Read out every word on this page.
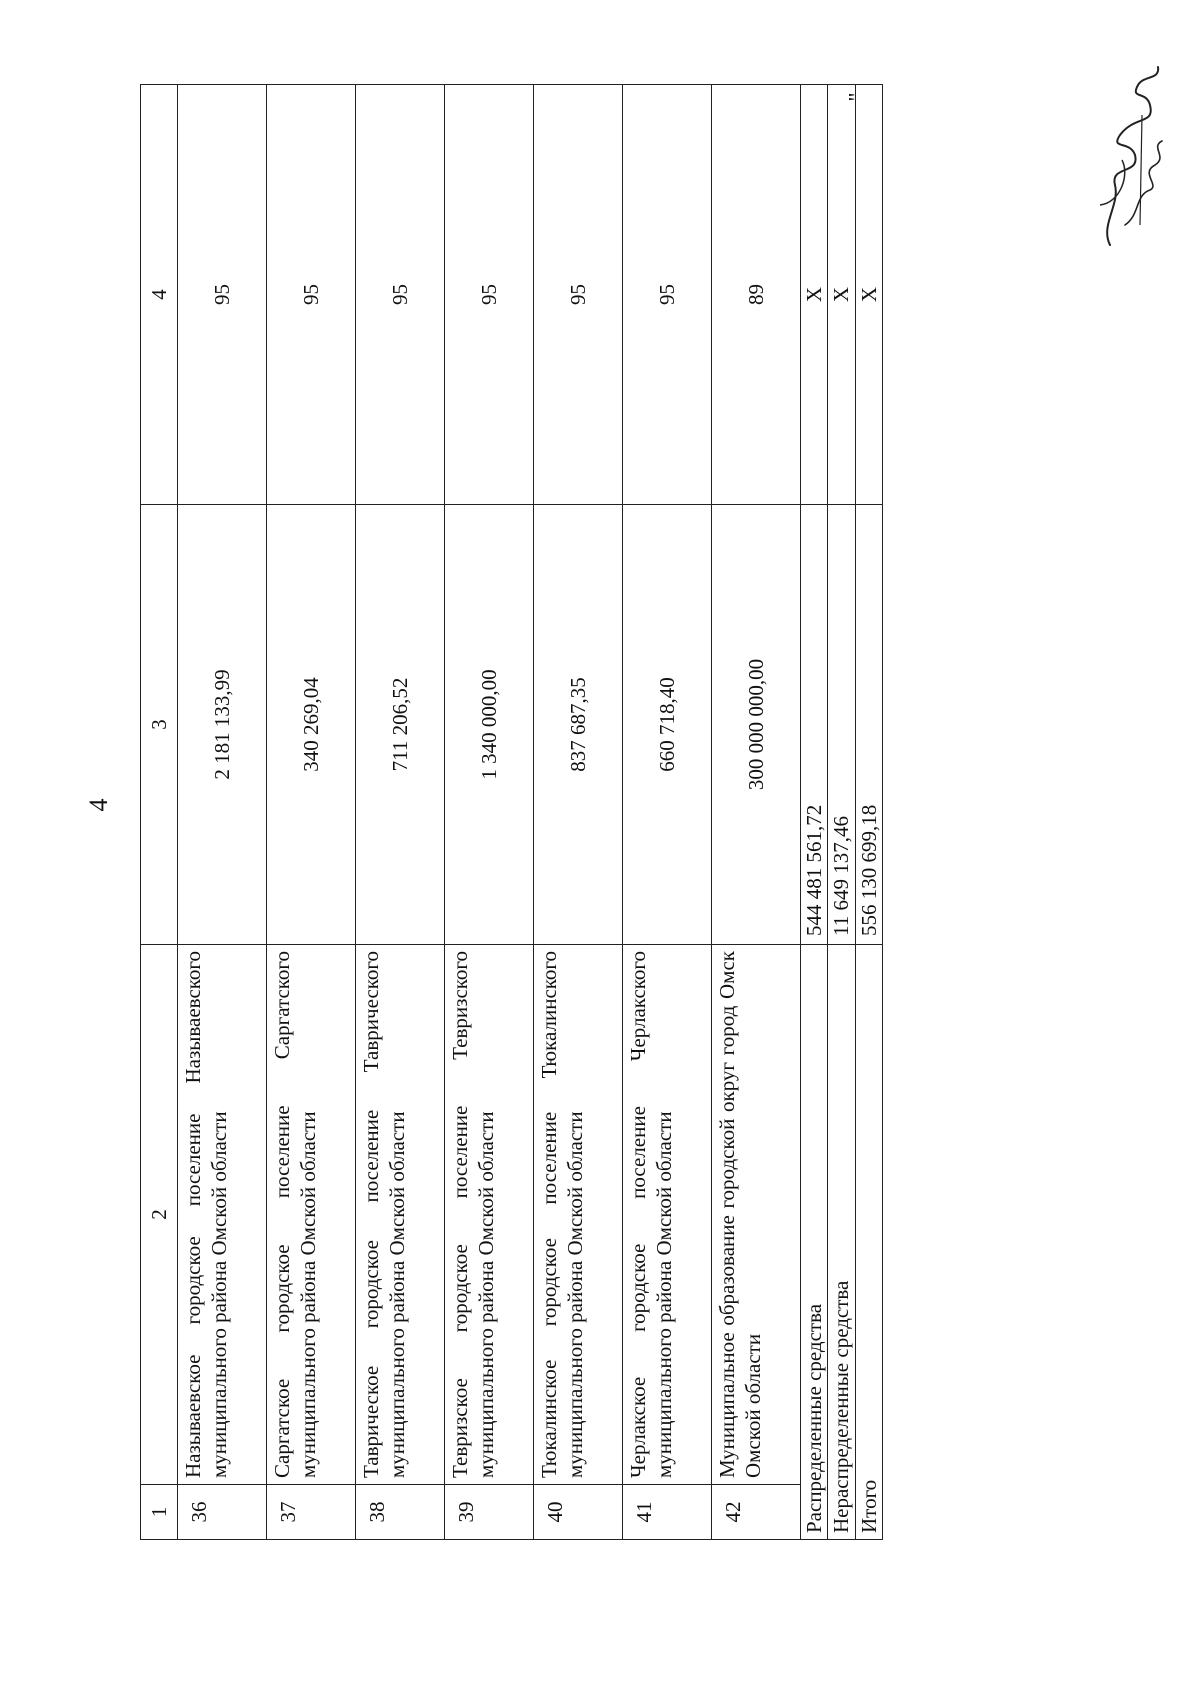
4
1	2	3	4
36	Называевское городское поселение Называевского муниципального района Омской области	2 181 133,99	95
37	Саргатское городское поселение Саргатского муниципального района Омской области	340 269,04	95
38	Таврическое городское поселение Таврического муниципального района Омской области	711 206,52	95
39	Тевризское городское поселение Тевризского муниципального района Омской области	1 340 000,00	95
40	Тюкалинское городское поселение Тюкалинского муниципального района Омской области	837 687,35	95
41	Черлакское городское поселение Черлакского муниципального района Омской области	660 718,40	95
42	Муниципальное образование городской округ город Омск Омской области	300 000 000,00	89
Распределенные средства		544 481 561,72	Х
Нераспределенные средства		11 649 137,46	Х
Итого		556 130 699,18	Х
"
